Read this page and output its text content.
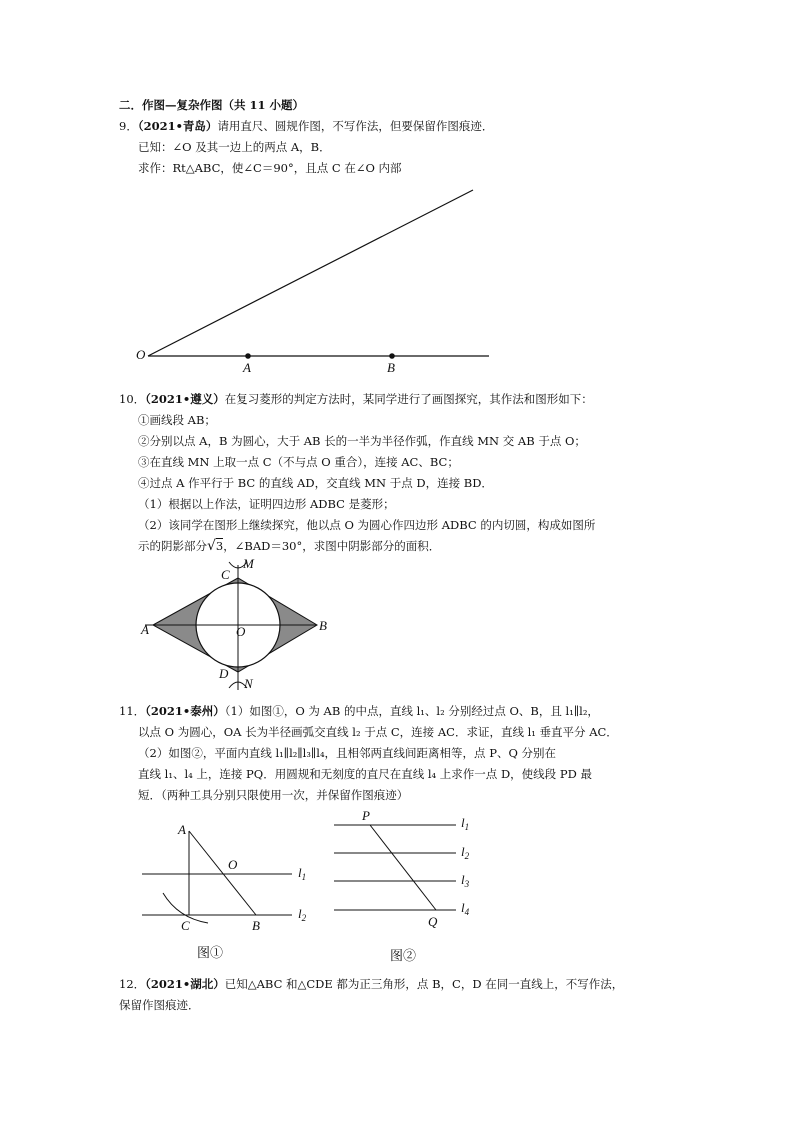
二．作图—复杂作图（共 11 小题）
9．（2021•青岛）请用直尺、圆规作图，不写作法，但要保留作图痕迹．
已知：∠O 及其一边上的两点 A，B．
求作：Rt△ABC，使∠C＝90°，且点 C 在∠O 内部
O
A	B
10．（2021•遵义）在复习菱形的判定方法时，某同学进行了画图探究，其作法和图形如下：
①画线段 AB；
②分别以点 A，B 为圆心，大于 AB 长的一半为半径作弧，作直线 MN 交 AB 于点 O；
③在直线 MN 上取一点 C（不与点 O 重合），连接 AC、BC；
④过点 A 作平行于 BC 的直线 AD，交直线 MN 于点 D，连接 BD．
（1）根据以上作法，证明四边形 ADBC 是菱形；
（2）该同学在图形上继续探究，他以点 O 为圆心作四边形 ADBC 的内切圆，构成如图所
示的阴影部分√3，∠BAD＝30°，求图中阴影部分的面积．
C
M
A	O	B
D
N
11．（2021•泰州）（1）如图①，O 为 AB 的中点，直线 l₁、l₂ 分别经过点 O、B，且 l₁∥l₂，
以点 O 为圆心，OA 长为半径画弧交直线 l₂ 于点 C，连接 AC．求证，直线 l₁ 垂直平分 AC．
（2）如图②，平面内直线 l₁∥l₂∥l₃∥l₄，且相邻两直线间距离相等，点 P、Q 分别在
直线 l₁、l₄ 上，连接 PQ．用圆规和无刻度的直尺在直线 l₄ 上求作一点 D，使线段 PD 最
短．（两种工具分别只限使用一次，并保留作图痕迹）
A
O
C	B
$l_1$
$l_2$
图①
P
Q
$l_1$
$l_2$
$l_3$
$l_4$
图②
12．（2021•湖北）已知△ABC 和△CDE 都为正三角形，点 B，C，D 在同一直线上，不写作法，
保留作图痕迹．
